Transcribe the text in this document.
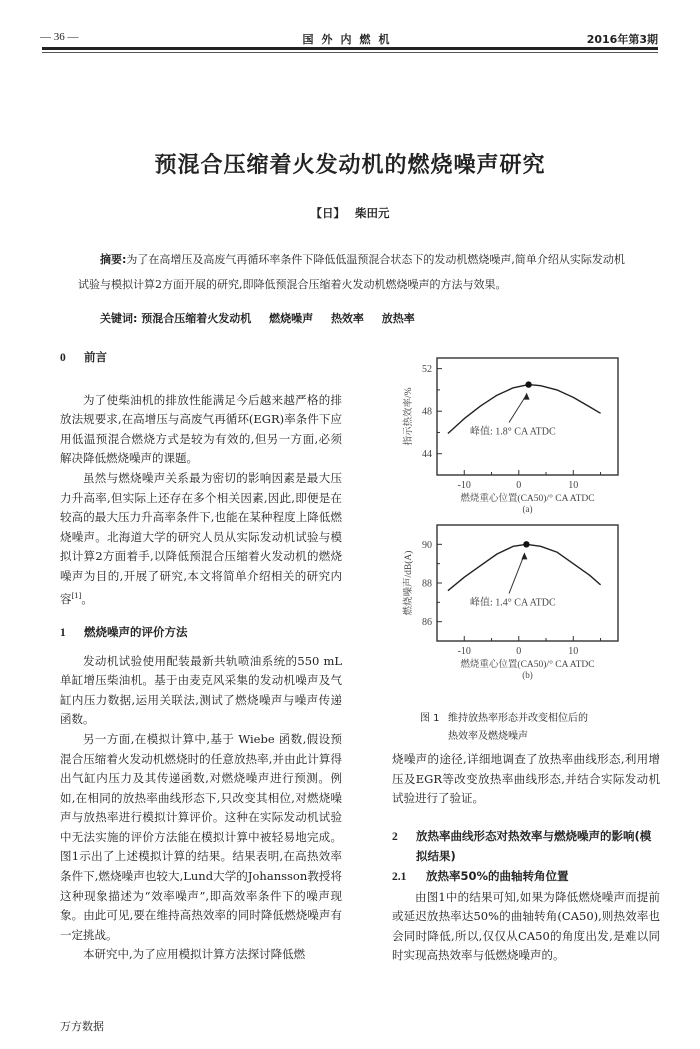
— 36 —	国外内燃机	2016年第3期
预混合压缩着火发动机的燃烧噪声研究
【日】 柴田元

摘要:为了在高增压及高废气再循环率条件下降低低温预混合状态下的发动机燃烧噪声,简单介绍从实际发动机试验与模拟计算2方面开展的研究,即降低预混合压缩着火发动机燃烧噪声的方法与效果。

关键词: 预混合压缩着火发动机 燃烧噪声 热效率 放热率
0 前言

为了使柴油机的排放性能满足今后越来越严格的排放法规要求,在高增压与高废气再循环(EGR)率条件下应用低温预混合燃烧方式是较为有效的,但另一方面,必须解决降低燃烧噪声的课题。

虽然与燃烧噪声关系最为密切的影响因素是最大压力升高率,但实际上还存在多个相关因素,因此,即便是在较高的最大压力升高率条件下,也能在某种程度上降低燃烧噪声。北海道大学的研究人员从实际发动机试验与模拟计算2方面着手,以降低预混合压缩着火发动机的燃烧噪声为目的,开展了研究,本文将简单介绍相关的研究内容[1]。

1 燃烧噪声的评价方法

发动机试验使用配装最新共轨喷油系统的550 mL单缸增压柴油机。基于由麦克风采集的发动机噪声及气缸内压力数据,运用关联法,测试了燃烧噪声与噪声传递函数。

另一方面,在模拟计算中,基于 Wiebe 函数,假设预混合压缩着火发动机燃烧时的任意放热率,并由此计算得出气缸内压力及其传递函数,对燃烧噪声进行预测。例如,在相同的放热率曲线形态下,只改变其相位,对燃烧噪声与放热率进行模拟计算评价。这种在实际发动机试验中无法实施的评价方法能在模拟计算中被轻易地完成。图1示出了上述模拟计算的结果。结果表明,在高热效率条件下,燃烧噪声也较大,Lund大学的Johansson教授将这种现象描述为“效率噪声”,即高效率条件下的噪声现象。由此可见,要在维持高热效率的同时降低燃烧噪声有一定挑战。

本研究中,为了应用模拟计算方法探讨降低燃

-10	0	10
44
48
52
燃烧重心位置(CA50)/° CA ATDC
指示热效率/%
(a)
峰值: 1.8° CA ATDC
-10	0	10
86
88
90
燃烧重心位置(CA50)/° CA ATDC
燃烧噪声/dB(A)
(b)
峰值: 1.4° CA ATDC
图 1 维持放热率形态并改变相位后的
热效率及燃烧噪声

烧噪声的途径,详细地调查了放热率曲线形态,利用增压及EGR等改变放热率曲线形态,并结合实际发动机试验进行了验证。

2 放热率曲线形态对热效率与燃烧噪声的影响(模
拟结果)
2.1 放热率50%的曲轴转角位置

由图1中的结果可知,如果为降低燃烧噪声而提前或延迟放热率达50%的曲轴转角(CA50),则热效率也会同时降低,所以,仅仅从CA50的角度出发,是难以同时实现高热效率与低燃烧噪声的。

万方数据
